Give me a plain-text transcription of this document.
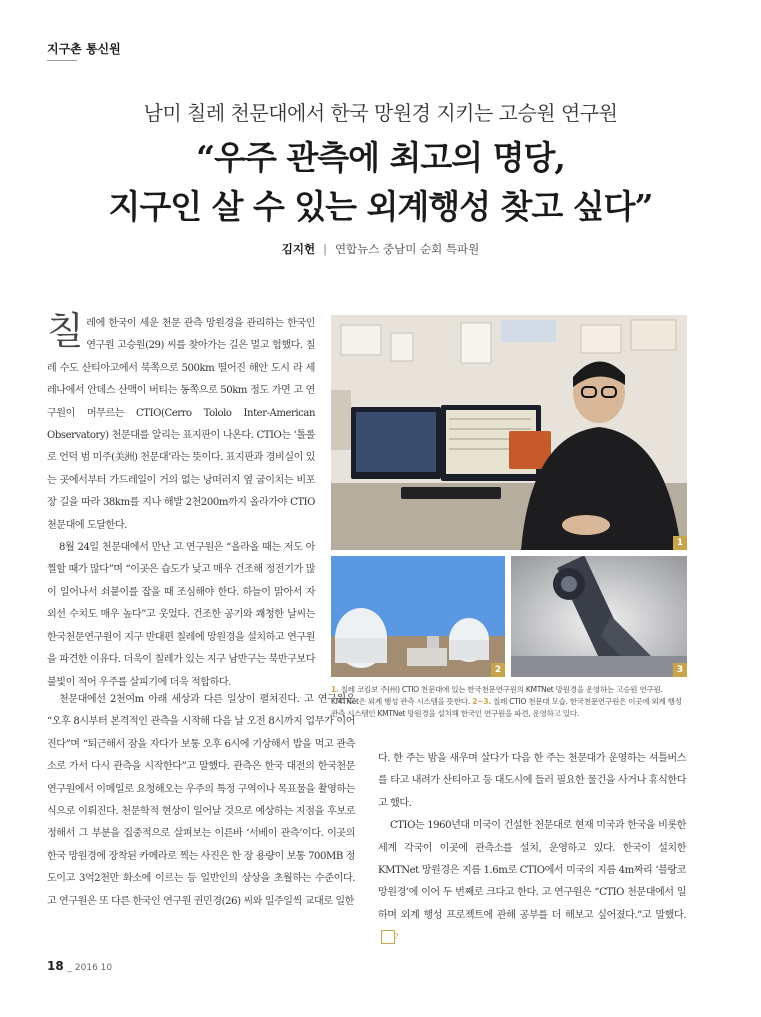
지구촌 통신원
남미 칠레 천문대에서 한국 망원경 지키는 고승원 연구원
“우주 관측에 최고의 명당,
지구인 살 수 있는 외계행성 찾고 싶다”
김지헌 | 연합뉴스 중남미 순회 특파원

칠레에 한국이 세운 천문 관측 망원경을 관리하는 한국인 연구원 고승원(29) 씨를 찾아가는 길은 멀고 험했다. 칠레 수도 산티아고에서 북쪽으로 500km 떨어진 해안 도시 라 세레나에서 안데스 산맥이 버티는 동쪽으로 50km 정도 가면 고 연구원이 머무르는 CTIO(Cerro Tololo Inter-American Observatory) 천문대를 알리는 표지판이 나온다. CTIO는 ‘톨롤로 언덕 범 미주(美洲) 천문대’라는 뜻이다. 표지판과 경비실이 있는 곳에서부터 가드레일이 거의 없는 낭떠러지 옆 굽이치는 비포장 길을 따라 38km를 지나 해발 2천200m까지 올라가야 CTIO 천문대에 도달한다.

8월 24일 천문대에서 만난 고 연구원은 “올라올 때는 저도 아찔할 때가 많다”며 “이곳은 습도가 낮고 매우 건조해 정전기가 많이 일어나서 쇠붙이를 잡을 때 조심해야 한다. 하늘이 맑아서 자외선 수치도 매우 높다”고 웃었다. 건조한 공기와 쾌청한 날씨는 한국천문연구원이 지구 반대편 칠레에 망원경을 설치하고 연구원을 파견한 이유다. 더욱이 칠레가 있는 지구 남반구는 북반구보다 불빛이 적어 우주를 살피기에 더욱 적합하다.

천문대에선 2천여m 아래 세상과 다른 일상이 펼쳐진다. 고 연구원은 “오후 8시부터 본격적인 관측을 시작해 다음 날 오전 8시까지 업무가 이어진다”며 “퇴근해서 잠을 자다가 보통 오후 6시에 기상해서 밥을 먹고 관측소로 가서 다시 관측을 시작한다”고 말했다. 관측은 한국 대전의 한국천문연구원에서 이메일로 요청해오는 우주의 특정 구역이나 목표물을 촬영하는 식으로 이뤄진다. 천문학적 현상이 일어날 것으로 예상하는 지점을 후보로 정해서 그 부분을 집중적으로 살펴보는 이른바 ‘서베이 관측’이다. 이곳의 한국 망원경에 장착된 카메라로 찍는 사진은 한 장 용량이 보통 700MB 정도이고 3억2천만 화소에 이르는 등 일반인의 상상을 초월하는 수준이다. 고 연구원은 또 다른 한국인 연구원 권민경(26) 씨와 일주일씩 교대로 일한

다. 한 주는 밤을 새우며 살다가 다음 한 주는 천문대가 운영하는 셔틀버스를 타고 내려가 산티아고 등 대도시에 들러 필요한 물건을 사거나 휴식한다고 했다.

CTIO는 1960년대 미국이 건설한 천문대로 현재 미국과 한국을 비롯한 세계 각국이 이곳에 관측소를 설치, 운영하고 있다. 한국이 설치한 KMTNet 망원경은 지름 1.6m로 CTIO에서 미국의 지름 4m짜리 ‘블랑코 망원경’에 이어 두 번째로 크다고 한다. 고 연구원은 “CTIO 천문대에서 일하며 외계 행성 프로젝트에 관해 공부를 더 해보고 싶어졌다.”고 말했다.?

1
2	3
1. 칠레 코킴보 주(州) CTIO 천문대에 있는 한국천문연구원의 KMTNet 망원경을 운영하는 고승원 연구원. KMTNet은 외계 행성 관측 시스템을 뜻한다. 2~3. 칠레 CTIO 천문대 모습. 한국천문연구원은 이곳에 외계 행성 관측 시스템인 KMTNet 망원경을 설치해 한국인 연구원을 파견, 운영하고 있다.
18 _ 2016 10
